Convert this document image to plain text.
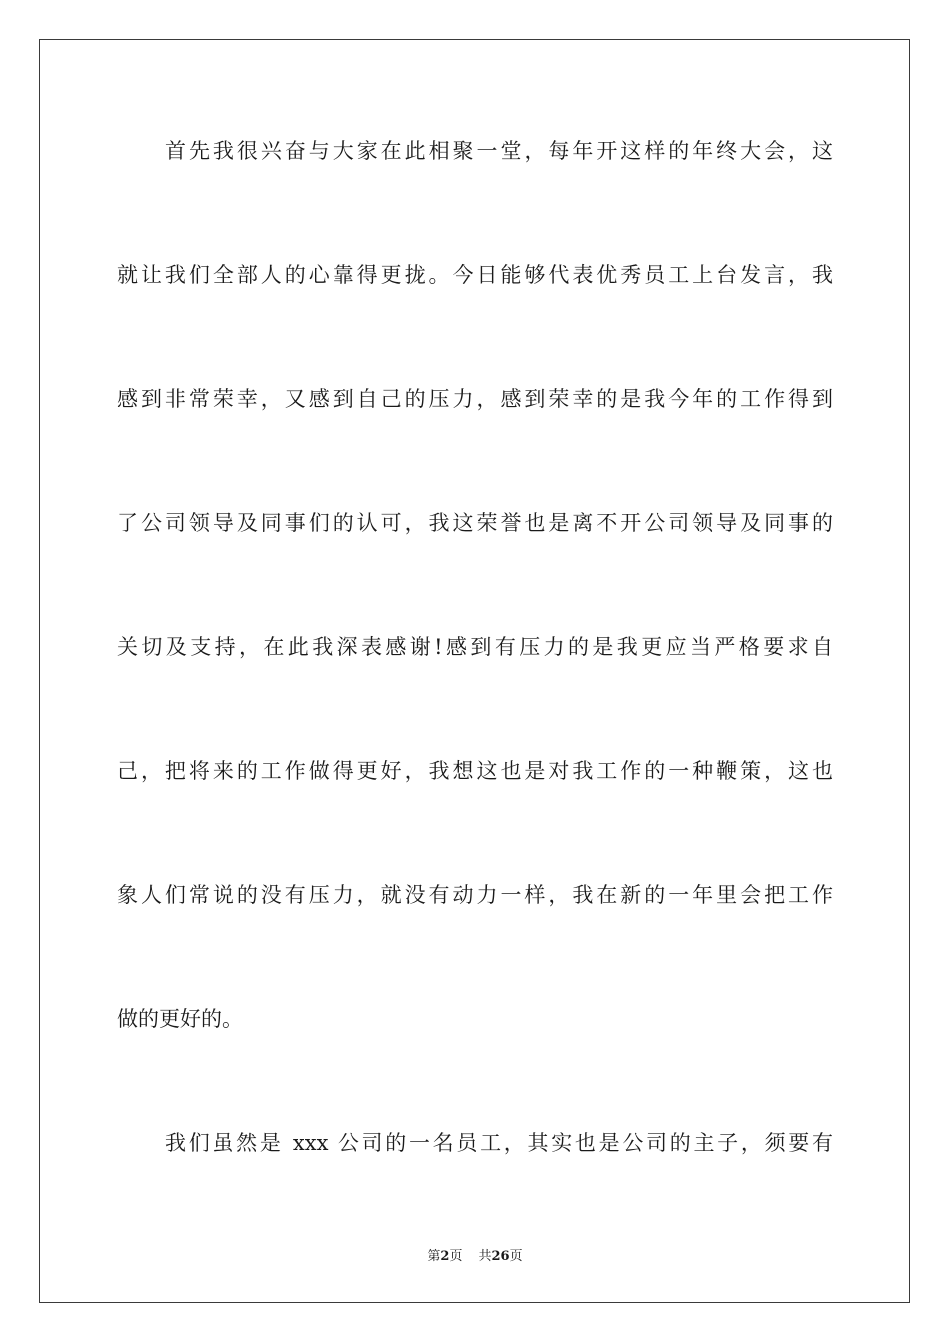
首先我很兴奋与大家在此相聚一堂，每年开这样的年终大会，这
就让我们全部人的心靠得更拢。今日能够代表优秀员工上台发言，我
感到非常荣幸，又感到自己的压力，感到荣幸的是我今年的工作得到
了公司领导及同事们的认可，我这荣誉也是离不开公司领导及同事的
关切及支持，在此我深表感谢!感到有压力的是我更应当严格要求自
己，把将来的工作做得更好，我想这也是对我工作的一种鞭策，这也
象人们常说的没有压力，就没有动力一样，我在新的一年里会把工作
做的更好的。
我们虽然是 xxx 公司的一名员工，其实也是公司的主子，须要有
第2页 共26页
